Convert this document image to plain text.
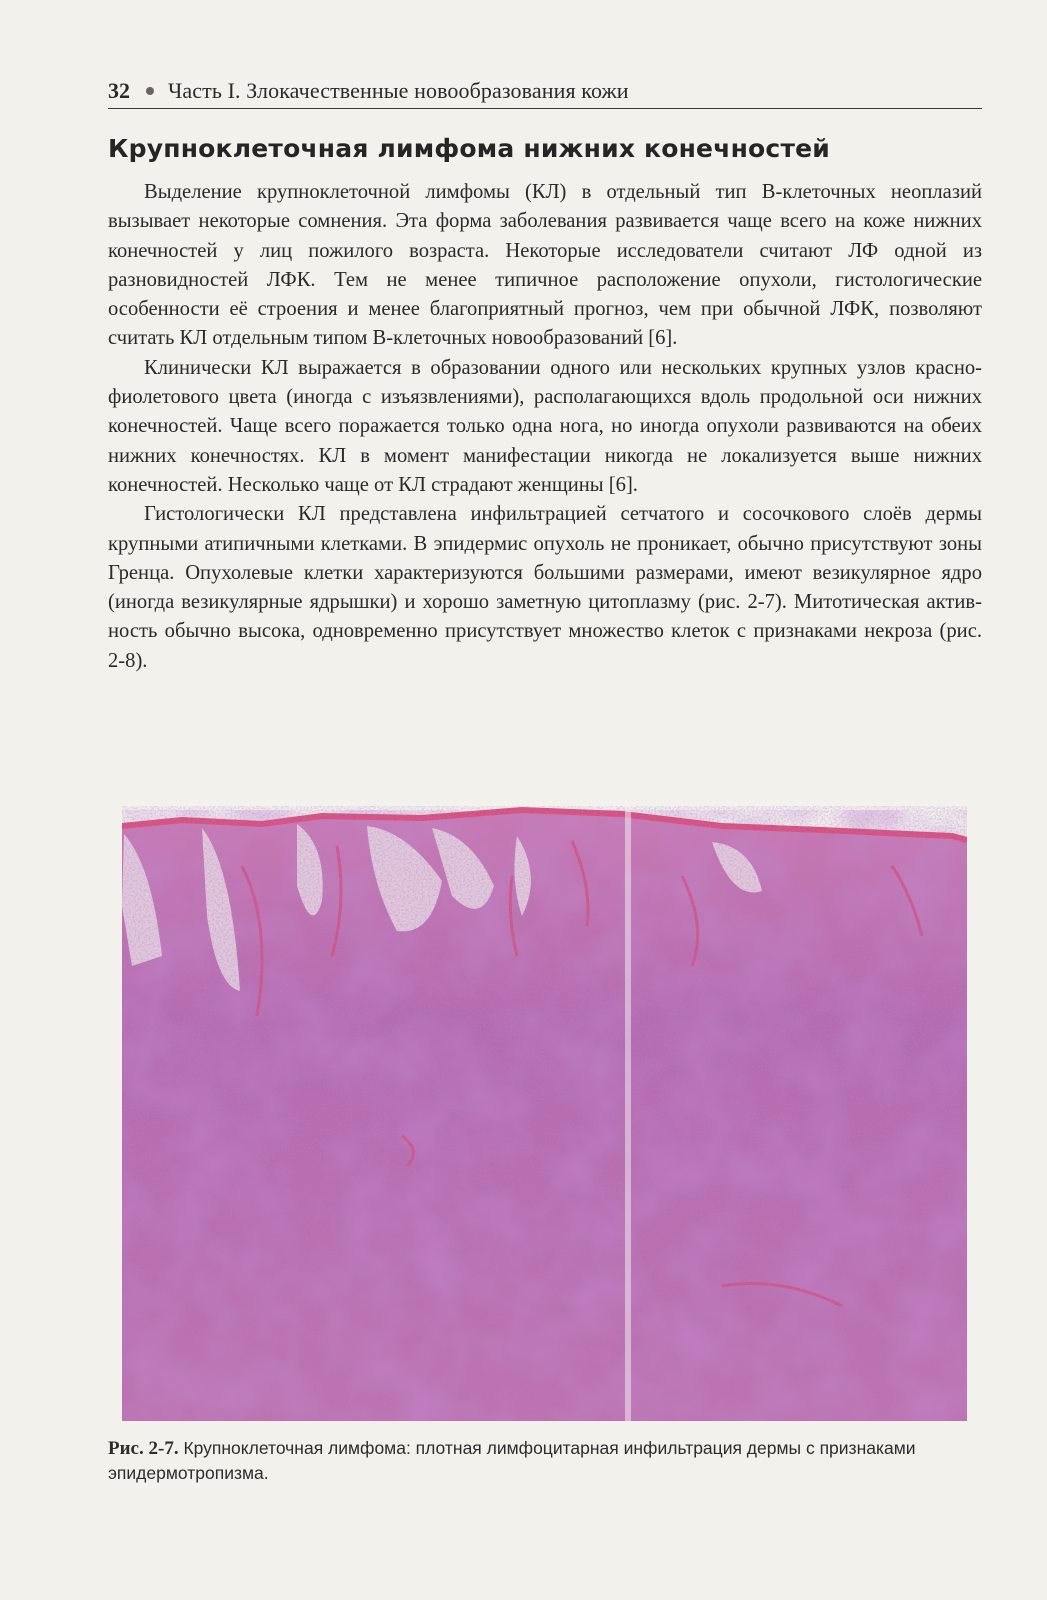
32 Часть I. Злокачественные новообразования кожи
Крупноклеточная лимфома нижних конечностей

Выделение крупноклеточной лимфомы (КЛ) в отдельный тип В-клеточных неоплазий вызывает некоторые сомнения. Эта форма заболевания развивается чаще всего на коже нижних конечностей у лиц пожилого возраста. Некоторые исследователи считают ЛФ одной из разновидностей ЛФК. Тем не менее типичное расположение опухоли, гистологические особенности её строения и менее благоприятный прогноз, чем при обычной ЛФК, позволяют считать КЛ отдельным типом В-клеточных новообразований [6].

Клинически КЛ выражается в образовании одного или нескольких крупных узлов красно-фиолетового цвета (иногда с изъязвлениями), располагающихся вдоль продольной оси нижних конечностей. Чаще всего поражается только одна нога, но иногда опухоли развиваются на обеих нижних конечностях. КЛ в момент манифестации никогда не локализуется выше нижних конечностей. Несколько чаще от КЛ страдают женщины [6].

Гистологически КЛ представлена инфильтрацией сетчатого и сосочкового слоёв дермы крупными атипичными клетками. В эпидермис опухоль не проникает, обычно присутствуют зоны Гренца. Опухолевые клетки характеризуются большими размерами, имеют везикулярное ядро (иногда везикулярные ядрышки) и хорошо заметную цитоплазму (рис. 2-7). Митотическая активность обычно высока, одновременно присутствует множество клеток с признаками некроза (рис. 2-8).

Рис. 2-7. Крупноклеточная лимфома: плотная лимфоцитарная инфильтрация дермы с признаками эпидермотропизма.
